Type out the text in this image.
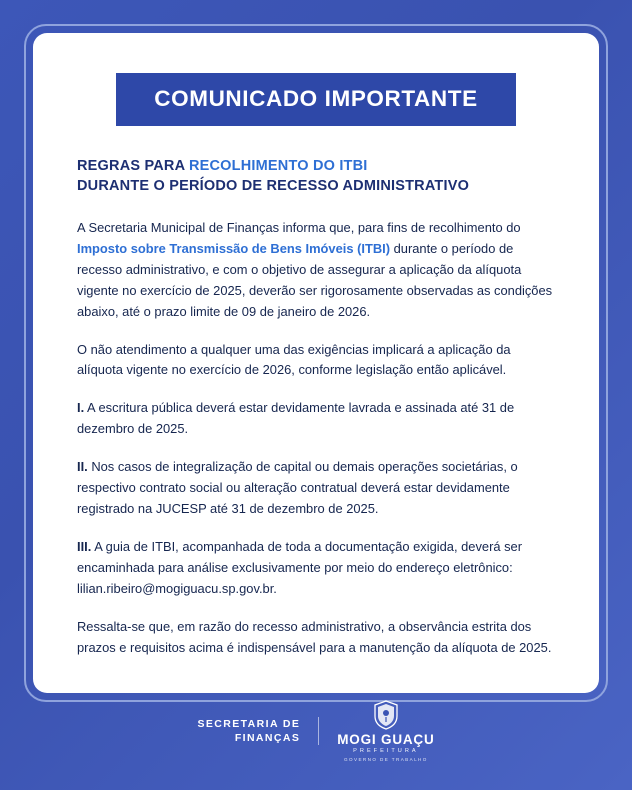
COMUNICADO IMPORTANTE
REGRAS PARA RECOLHIMENTO DO ITBI
DURANTE O PERÍODO DE RECESSO ADMINISTRATIVO

A Secretaria Municipal de Finanças informa que, para fins de recolhimento do Imposto sobre Transmissão de Bens Imóveis (ITBI) durante o período de recesso administrativo, e com o objetivo de assegurar a aplicação da alíquota vigente no exercício de 2025, deverão ser rigorosamente observadas as condições abaixo, até o prazo limite de 09 de janeiro de 2026.

O não atendimento a qualquer uma das exigências implicará a aplicação da alíquota vigente no exercício de 2026, conforme legislação então aplicável.

I. A escritura pública deverá estar devidamente lavrada e assinada até 31 de dezembro de 2025.

II. Nos casos de integralização de capital ou demais operações societárias, o respectivo contrato social ou alteração contratual deverá estar devidamente registrado na JUCESP até 31 de dezembro de 2025.

III. A guia de ITBI, acompanhada de toda a documentação exigida, deverá ser encaminhada para análise exclusivamente por meio do endereço eletrônico: lilian.ribeiro@mogiguacu.sp.gov.br.

Ressalta-se que, em razão do recesso administrativo, a observância estrita dos prazos e requisitos acima é indispensável para a manutenção da alíquota de 2025.

SECRETARIA DE
FINANÇAS	MOGI GUAÇU
PREFEITURA
GOVERNO DE TRABALHO
